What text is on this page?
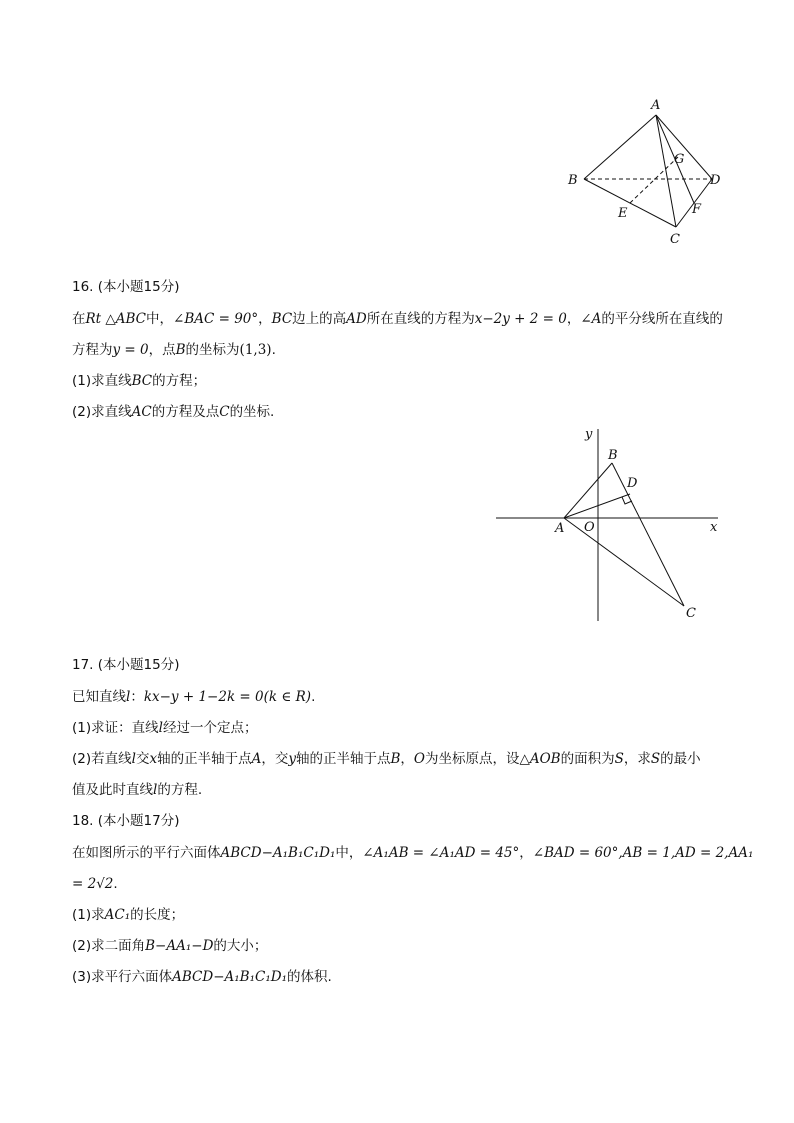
A
B	D
G
E	F
C
16. (本小题15分)
在Rt △ABC中，∠BAC = 90°，BC边上的高AD所在直线的方程为x−2y + 2 = 0，∠A的平分线所在直线的
方程为y = 0，点B的坐标为(1,3).
(1)求直线BC的方程；
(2)求直线AC的方程及点C的坐标.
y
x
B
D
A O
C
17. (本小题15分)
已知直线l：kx−y + 1−2k = 0(k ∈ R).
(1)求证：直线l经过一个定点；
(2)若直线l交x轴的正半轴于点A，交y轴的正半轴于点B，O为坐标原点，设△AOB的面积为S，求S的最小
值及此时直线l的方程.
18. (本小题17分)
在如图所示的平行六面体ABCD−A₁B₁C₁D₁中，∠A₁AB = ∠A₁AD = 45°，∠BAD = 60°,AB = 1,AD = 2,AA₁
= 2√2.
(1)求AC₁的长度；
(2)求二面角B−AA₁−D的大小；
(3)求平行六面体ABCD−A₁B₁C₁D₁的体积.
